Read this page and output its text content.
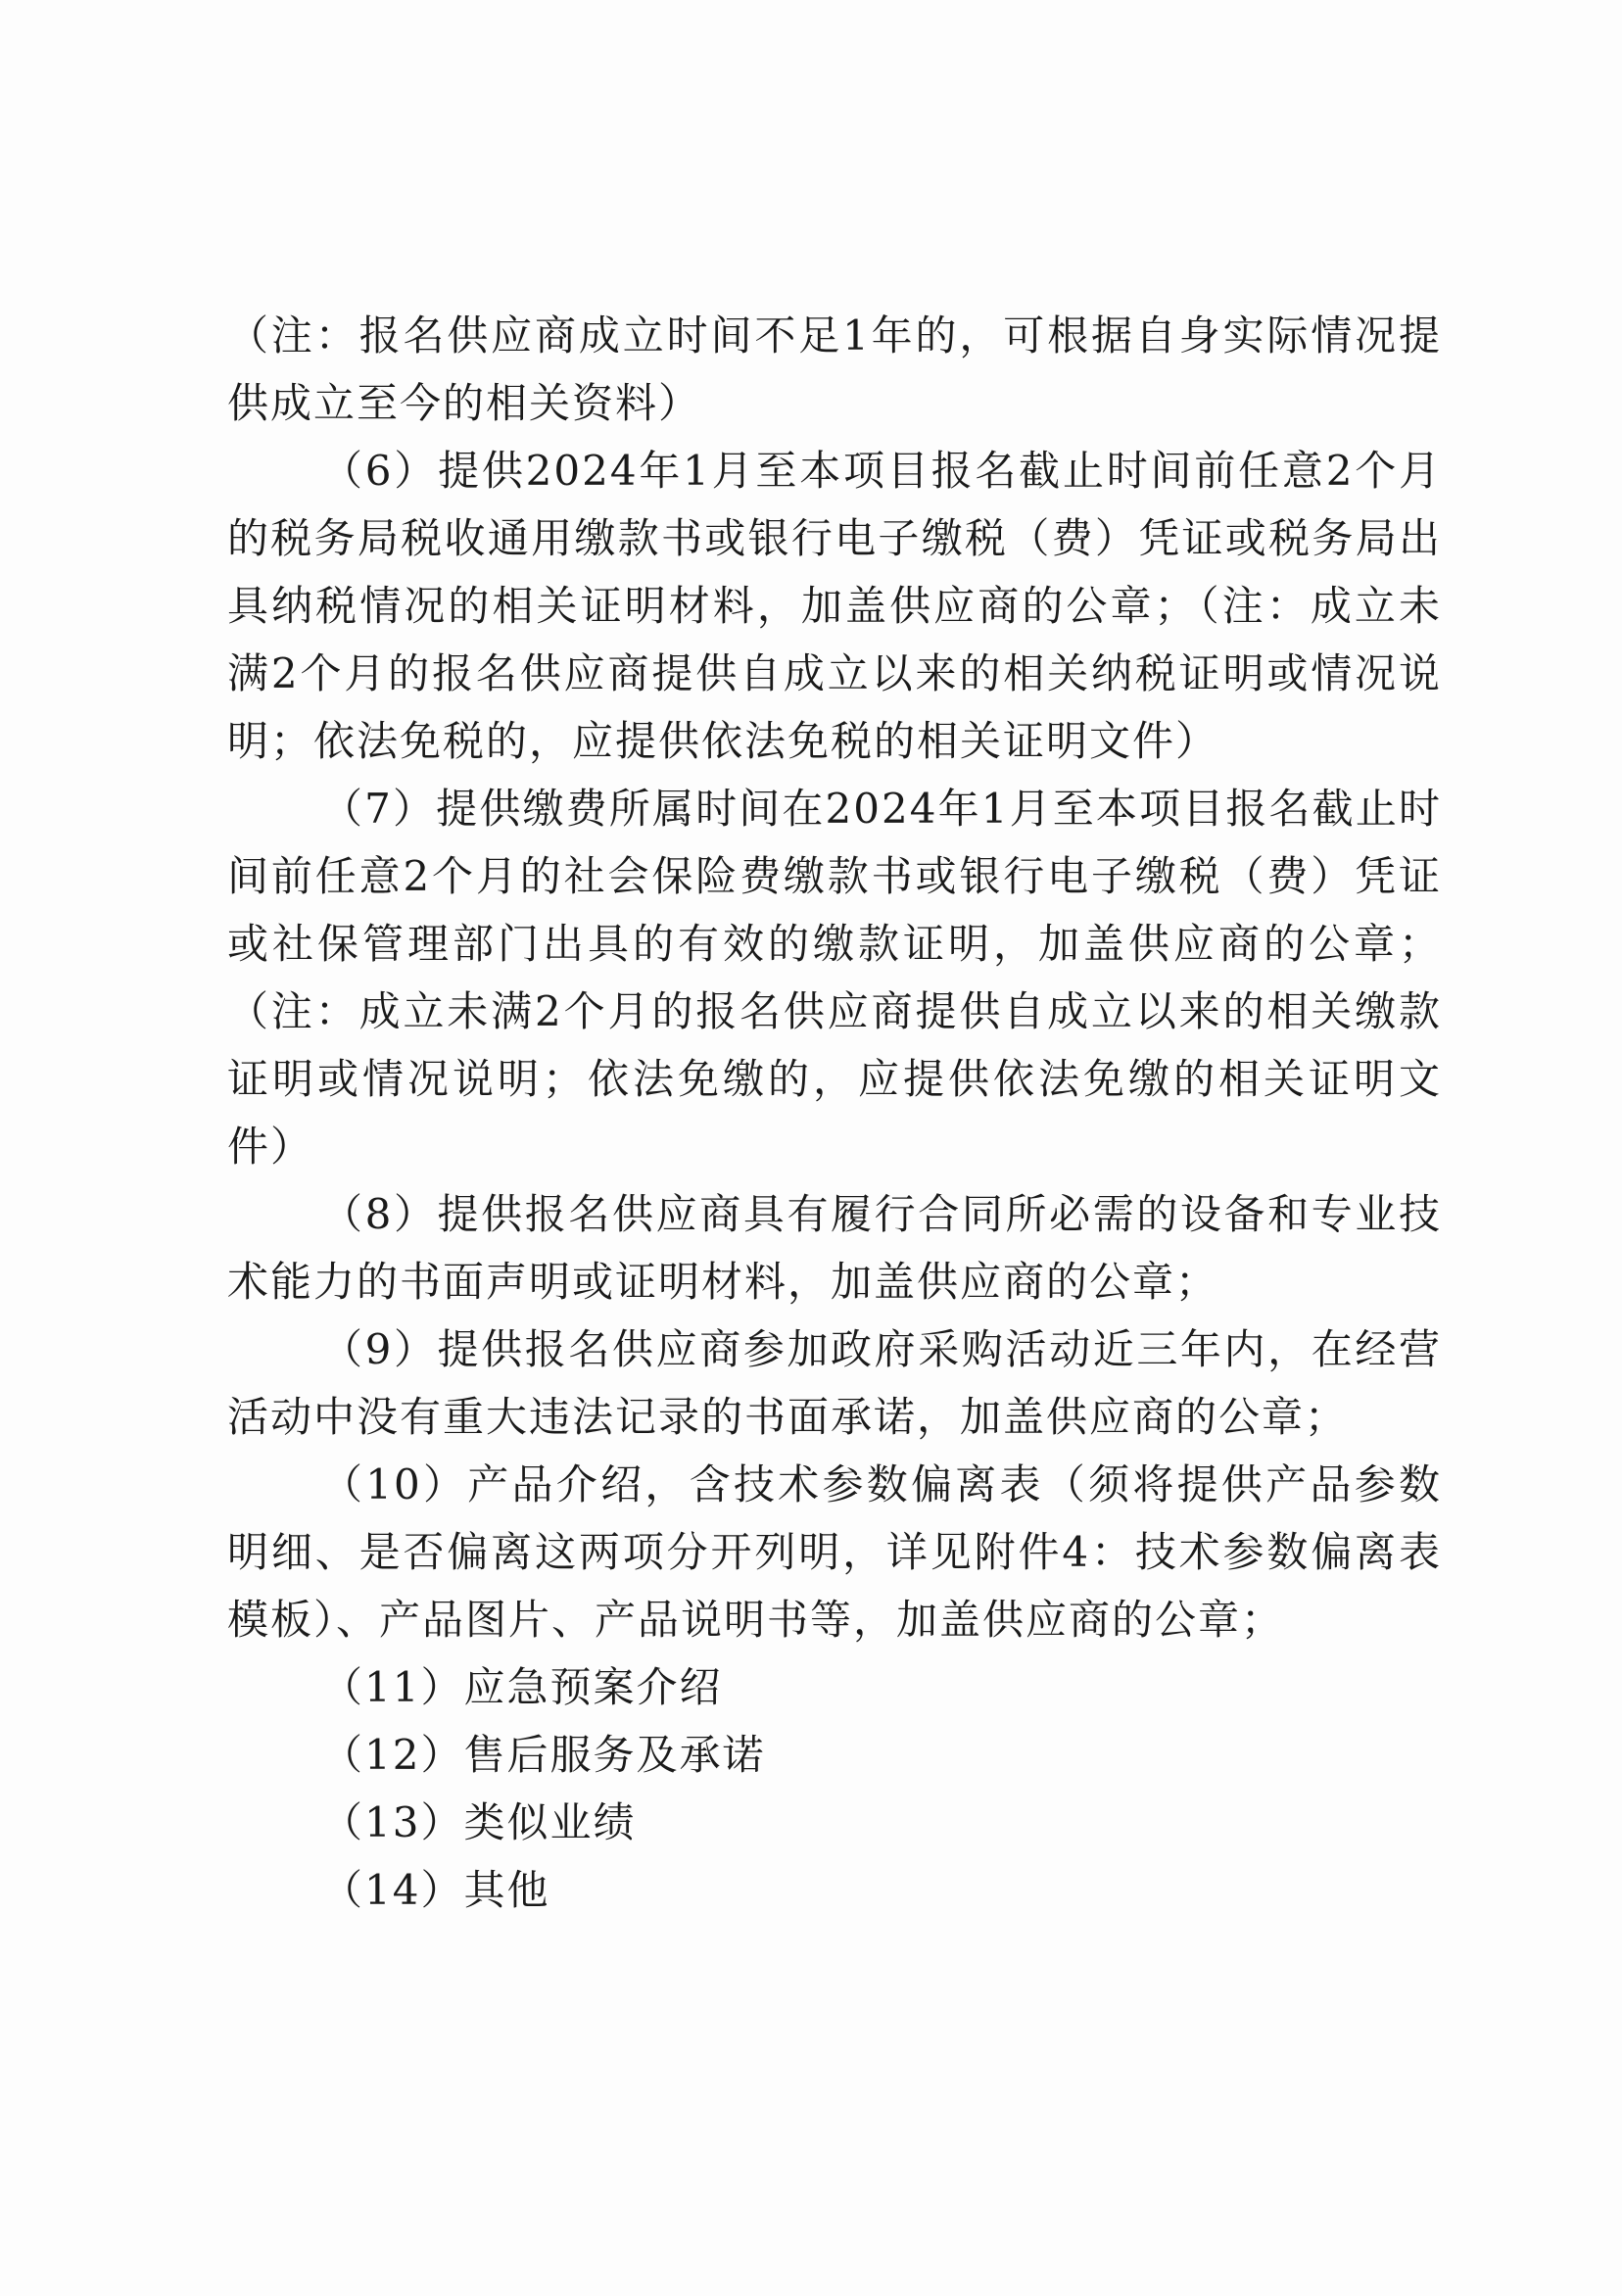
（注：报名供应商成立时间不足1年的，可根据自身实际情况提供成立至今的相关资料）

（6）提供2024年1月至本项目报名截止时间前任意2个月的税务局税收通用缴款书或银行电子缴税（费）凭证或税务局出具纳税情况的相关证明材料，加盖供应商的公章；（注：成立未满2个月的报名供应商提供自成立以来的相关纳税证明或情况说明；依法免税的，应提供依法免税的相关证明文件）

（7）提供缴费所属时间在2024年1月至本项目报名截止时间前任意2个月的社会保险费缴款书或银行电子缴税（费）凭证或社保管理部门出具的有效的缴款证明，加盖供应商的公章；（注：成立未满2个月的报名供应商提供自成立以来的相关缴款证明或情况说明；依法免缴的，应提供依法免缴的相关证明文件）

（8）提供报名供应商具有履行合同所必需的设备和专业技术能力的书面声明或证明材料，加盖供应商的公章；

（9）提供报名供应商参加政府采购活动近三年内，在经营活动中没有重大违法记录的书面承诺，加盖供应商的公章；

（10）产品介绍，含技术参数偏离表（须将提供产品参数明细、是否偏离这两项分开列明，详见附件4：技术参数偏离表模板）、产品图片、产品说明书等，加盖供应商的公章；

（11）应急预案介绍

（12）售后服务及承诺

（13）类似业绩

（14）其他
